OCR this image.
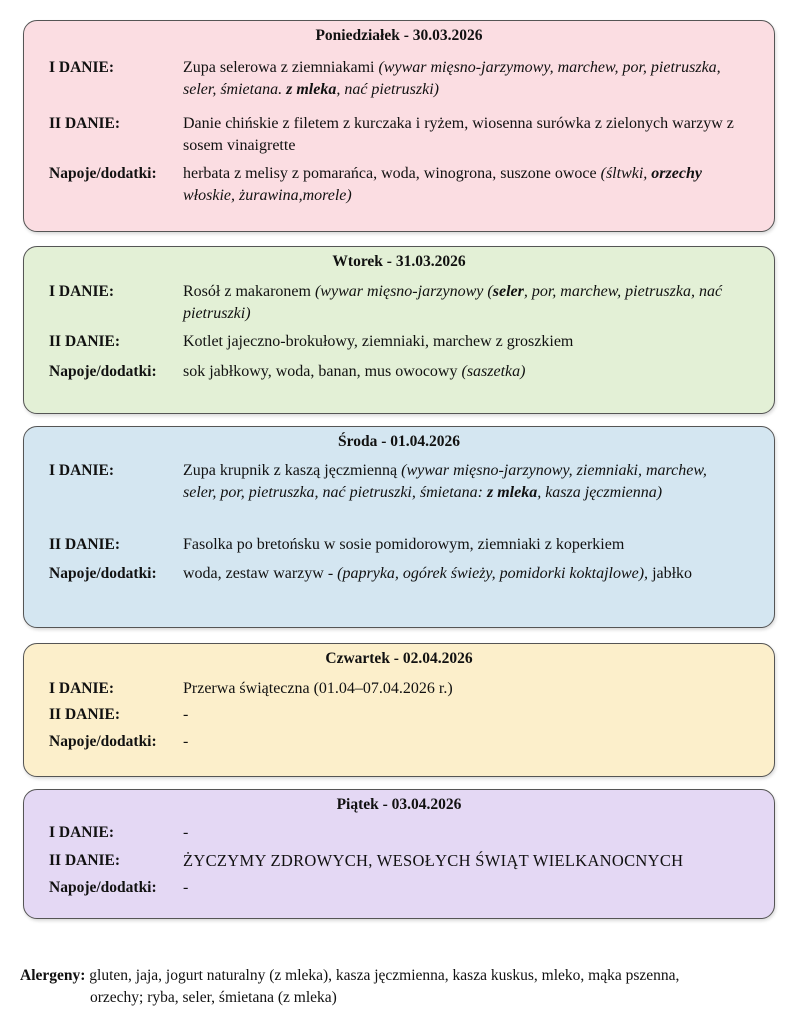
Poniedziałek - 30.03.2026
I DANIE:	Zupa selerowa z ziemniakami (wywar mięsno-jarzymowy, marchew, por, pietruszka, seler, śmietana. z mleka, nać pietruszki)
II DANIE:	Danie chińskie z filetem z kurczaka i ryżem, wiosenna surówka z zielonych warzyw z sosem vinaigrette
Napoje/dodatki: herbata z melisy z pomarańca, woda, winogrona, suszone owoce (śltwki, orzechy włoskie, żurawina,morele)
Wtorek - 31.03.2026
I DANIE:	Rosół z makaronem (wywar mięsno-jarzynowy (seler, por, marchew, pietruszka, nać pietruszki)
II DANIE:	Kotlet jajeczno-brokułowy, ziemniaki, marchew z groszkiem
Napoje/dodatki: sok jabłkowy, woda, banan, mus owocowy (saszetka)
Środa - 01.04.2026
I DANIE:	Zupa krupnik z kaszą jęczmienną (wywar mięsno-jarzynowy, ziemniaki, marchew, seler, por, pietruszka, nać pietruszki, śmietana: z mleka, kasza jęczmienna)
II DANIE:	Fasolka po bretońsku w sosie pomidorowym, ziemniaki z koperkiem
Napoje/dodatki: woda, zestaw warzyw - (papryka, ogórek świeży, pomidorki koktajlowe), jabłko
Czwartek - 02.04.2026
I DANIE:	Przerwa świąteczna (01.04–07.04.2026 r.)
II DANIE:	-
Napoje/dodatki: -
Piątek - 03.04.2026
I DANIE:	-
II DANIE:	ŻYCZYMY ZDROWYCH, WESOŁYCH ŚWIĄT WIELKANOCNYCH
Napoje/dodatki: -
Alergeny: gluten, jaja, jogurt naturalny (z mleka), kasza jęczmienna, kasza kuskus, mleko, mąka pszenna,
orzechy; ryba, seler, śmietana (z mleka)
